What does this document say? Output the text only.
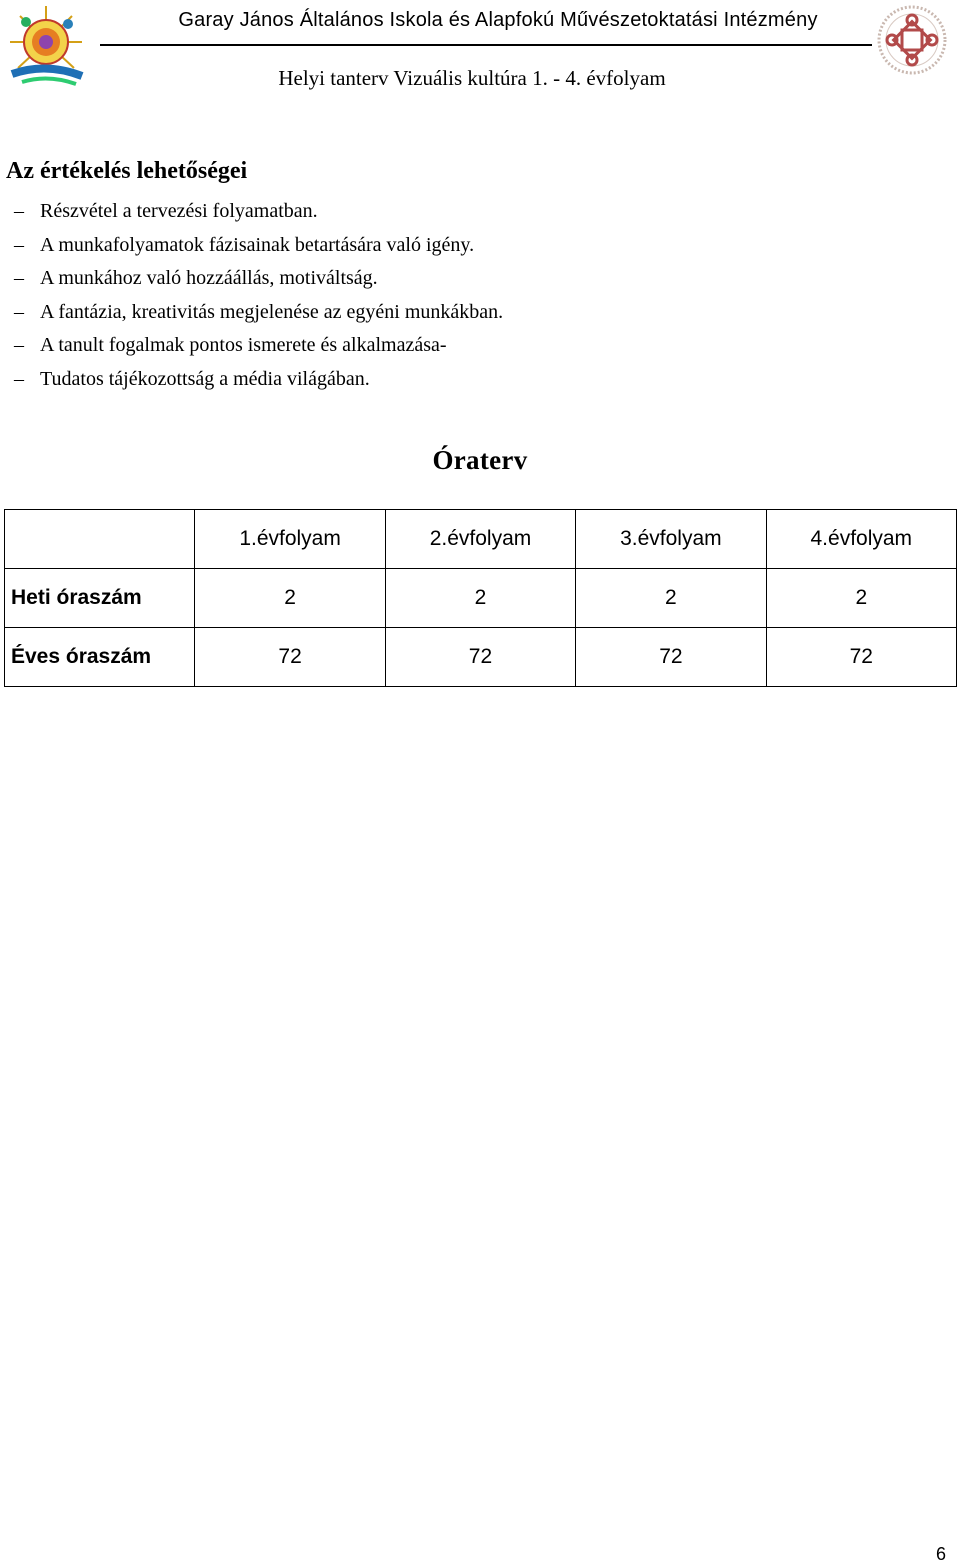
Garay János Általános Iskola és Alapfokú Művészetoktatási Intézmény
Helyi tanterv Vizuális kultúra 1. - 4. évfolyam
Az értékelés lehetőségei
– Részvétel a tervezési folyamatban.
– A munkafolyamatok fázisainak betartására való igény.
– A munkához való hozzáállás, motiváltság.
– A fantázia, kreativitás megjelenése az egyéni munkákban.
– A tanult fogalmak pontos ismerete és alkalmazása-
– Tudatos tájékozottság a média világában.
Óraterv
	1.évfolyam	2.évfolyam	3.évfolyam	4.évfolyam
Heti óraszám	2	2	2	2
Éves óraszám	72	72	72	72
6
